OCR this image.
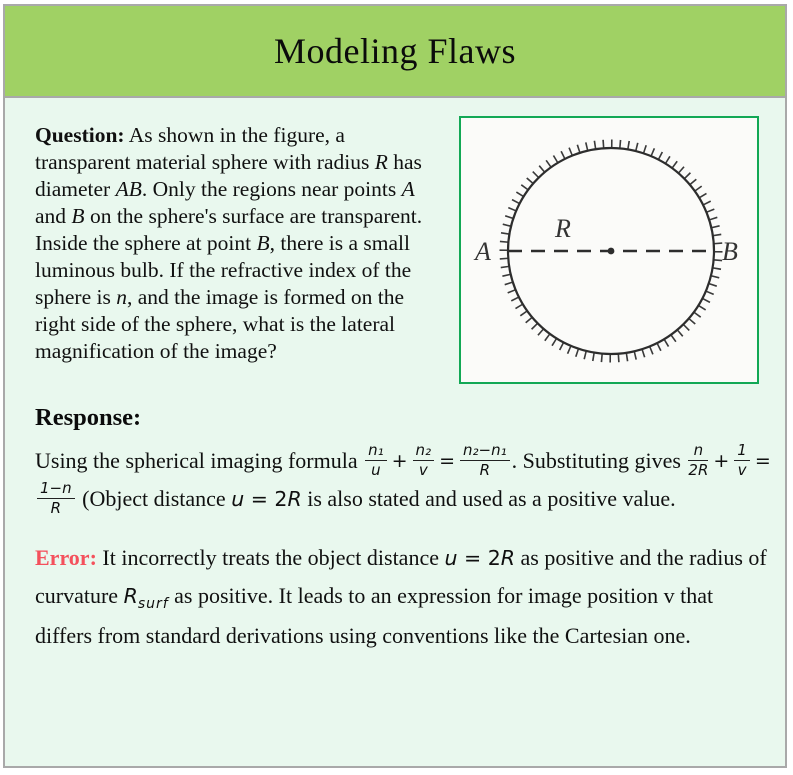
Modeling Flaws
Question: As shown in the figure, a transparent material sphere with radius R has diameter AB. Only the regions near points A and B on the sphere's surface are transparent. Inside the sphere at point B, there is a small luminous bulb. If the refractive index of the sphere is n, and the image is formed on the right side of the sphere, what is the lateral magnification of the image?
A	B
R
Response:
Using the spherical imaging formula $\frac{\text{n₁}}{u} + \frac{\text{n₂}}{v} = \frac{\text{n₂−n₁}}{R}$ . Substituting gives $\frac{n}{2R} + \frac{1}{v}$ =
$\frac{1-n}{R}$ (Object distance u = 2R is also stated and used as a positive value.
Error: It incorrectly treats the object distance u = 2R as positive and the radius of curvature $R_{surf}$ as positive. It leads to an expression for image position v that differs from standard derivations using conventions like the Cartesian one.
